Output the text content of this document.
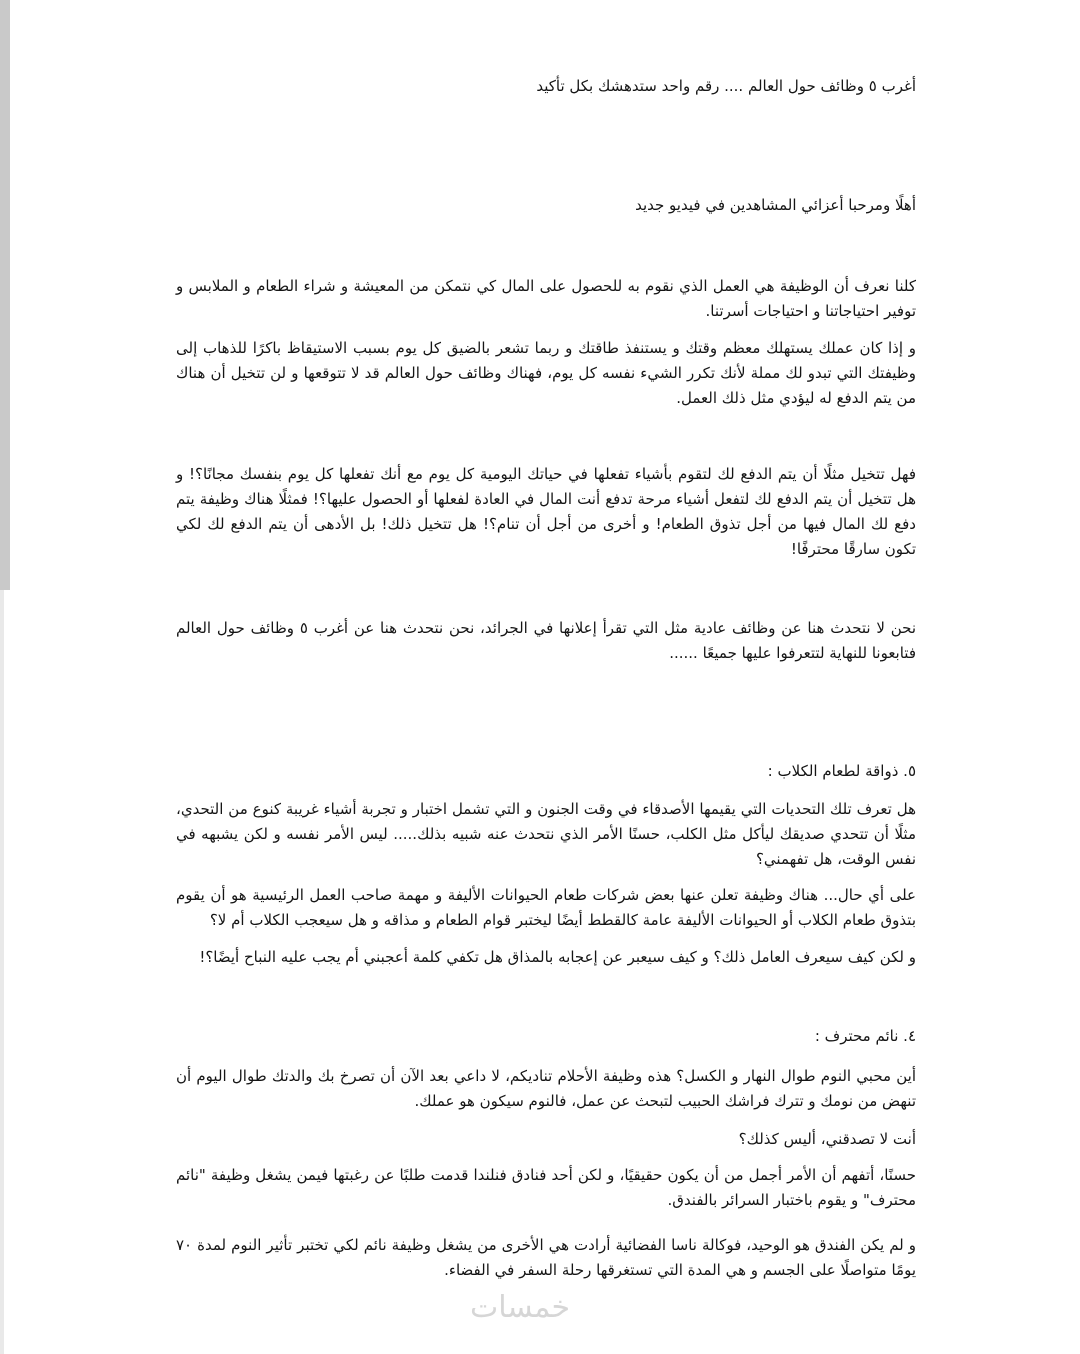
أغرب ٥ وظائف حول العالم .... رقم واحد ستدهشك بكل تأكيد

أهلًا ومرحبا أعزائي المشاهدين في فيديو جديد

كلنا نعرف أن الوظيفة هي العمل الذي نقوم به للحصول على المال كي نتمكن من المعيشة و شراء الطعام و الملابس و توفير احتياجاتنا و احتياجات أسرتنا.

و إذا كان عملك يستهلك معظم وقتك و يستنفذ طاقتك و ربما تشعر بالضيق كل يوم بسبب الاستيقاظ باكرًا للذهاب إلى وظيفتك التي تبدو لك مملة لأنك تكرر الشيء نفسه كل يوم، فهناك وظائف حول العالم قد لا تتوقعها و لن تتخيل أن هناك من يتم الدفع له ليؤدي مثل ذلك العمل.

فهل تتخيل مثلًا أن يتم الدفع لك لتقوم بأشياء تفعلها في حياتك اليومية كل يوم مع أنك تفعلها كل يوم بنفسك مجانًا؟! و هل تتخيل أن يتم الدفع لك لتفعل أشياء مرحة تدفع أنت المال في العادة لفعلها أو الحصول عليها؟! فمثلًا هناك وظيفة يتم دفع لك المال فيها من أجل تذوق الطعام! و أخرى من أجل أن تنام؟! هل تتخيل ذلك! بل الأدهى أن يتم الدفع لك لكي تكون سارقًا محترفًا!

نحن لا نتحدث هنا عن وظائف عادية مثل التي تقرأ إعلانها في الجرائد، نحن نتحدث هنا عن أغرب ٥ وظائف حول العالم فتابعونا للنهاية لتتعرفوا عليها جميعًا ......

٥. ذواقة لطعام الكلاب :

هل تعرف تلك التحديات التي يقيمها الأصدقاء في وقت الجنون و التي تشمل اختبار و تجربة أشياء غريبة كنوع من التحدي، مثلًا أن تتحدي صديقك ليأكل مثل الكلب، حسنًا الأمر الذي نتحدث عنه شبيه بذلك..... ليس الأمر نفسه و لكن يشبهه في نفس الوقت، هل تفهمني؟

على أي حال... هناك وظيفة تعلن عنها بعض شركات طعام الحيوانات الأليفة و مهمة صاحب العمل الرئيسية هو أن يقوم بتذوق طعام الكلاب أو الحيوانات الأليفة عامة كالقطط أيضًا ليختبر قوام الطعام و مذاقه و هل سيعجب الكلاب أم لا؟

و لكن كيف سيعرف العامل ذلك؟ و كيف سيعبر عن إعجابه بالمذاق هل تكفي كلمة أعجبني أم يجب عليه النباح أيضًا؟!

٤. نائم محترف :

أين محبي النوم طوال النهار و الكسل؟ هذه وظيفة الأحلام تناديكم، لا داعي بعد الآن أن تصرخ بك والدتك طوال اليوم أن تنهض من نومك و تترك فراشك الحبيب لتبحث عن عمل، فالنوم سيكون هو عملك.

أنت لا تصدقني، أليس كذلك؟

حسنًا، أتفهم أن الأمر أجمل من أن يكون حقيقيًا، و لكن أحد فنادق فنلندا قدمت طلبًا عن رغبتها فيمن يشغل وظيفة "نائم محترف" و يقوم باختبار السرائر بالفندق.

و لم يكن الفندق هو الوحيد، فوكالة ناسا الفضائية أرادت هي الأخرى من يشغل وظيفة نائم لكي تختبر تأثير النوم لمدة ٧٠ يومًا متواصلًا على الجسم و هي المدة التي تستغرقها رحلة السفر في الفضاء.

خمسات
